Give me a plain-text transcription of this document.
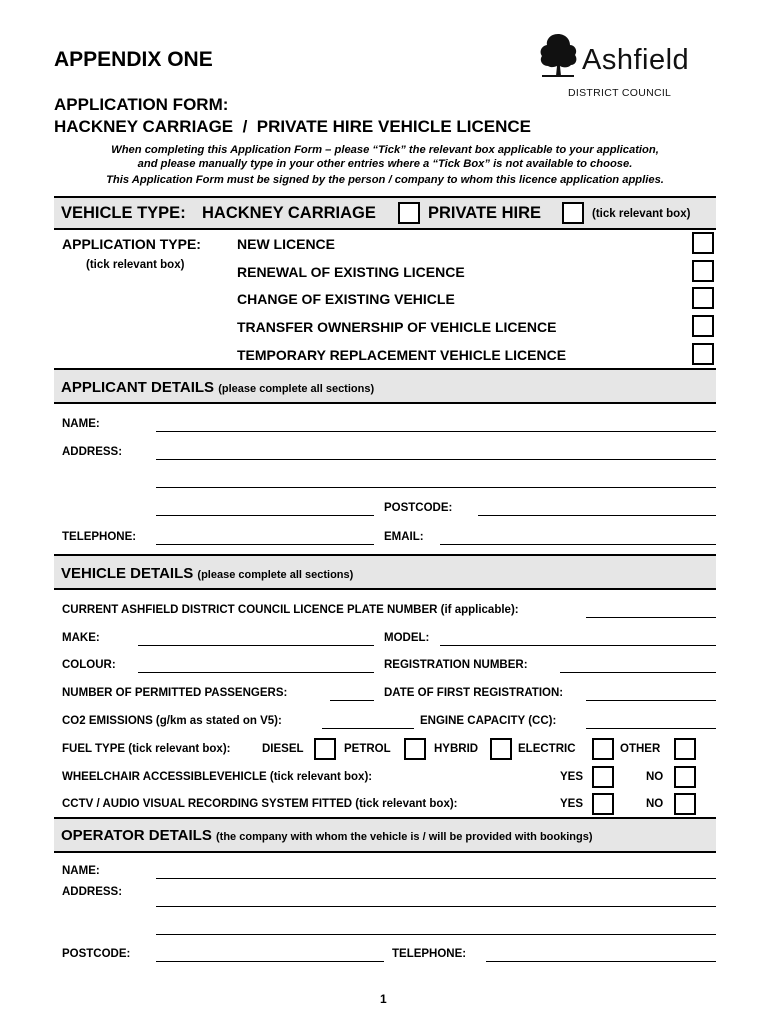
APPENDIX ONE
APPLICATION FORM:
HACKNEY CARRIAGE  /  PRIVATE HIRE VEHICLE LICENCE
Ashfield
DISTRICT COUNCIL
When completing this Application Form – please “Tick” the relevant box applicable to your application,
and please manually type in your other entries where a “Tick Box” is not available to choose.
This Application Form must be signed by the person / company to whom this licence application applies.
VEHICLE TYPE: HACKNEY CARRIAGE	PRIVATE HIRE	(tick relevant box)
APPLICATION TYPE:
(tick relevant box)
NEW LICENCE
RENEWAL OF EXISTING LICENCE
CHANGE OF EXISTING VEHICLE
TRANSFER OWNERSHIP OF VEHICLE LICENCE
TEMPORARY REPLACEMENT VEHICLE LICENCE
APPLICANT DETAILS (please complete all sections)
NAME:
ADDRESS:
POSTCODE:
TELEPHONE:	EMAIL:
VEHICLE DETAILS (please complete all sections)
CURRENT ASHFIELD DISTRICT COUNCIL LICENCE PLATE NUMBER (if applicable):
MAKE:	MODEL:
COLOUR:	REGISTRATION NUMBER:
NUMBER OF PERMITTED PASSENGERS:	DATE OF FIRST REGISTRATION:
CO2 EMISSIONS (g/km as stated on V5):	ENGINE CAPACITY (CC):
FUEL TYPE (tick relevant box):	DIESEL	PETROL	HYBRID	ELECTRIC	OTHER
WHEELCHAIR ACCESSIBLEVEHICLE (tick relevant box):	YES	NO
CCTV / AUDIO VISUAL RECORDING SYSTEM FITTED (tick relevant box):	YES	NO
OPERATOR DETAILS (the company with whom the vehicle is / will be provided with bookings)
NAME:
ADDRESS:
POSTCODE:	TELEPHONE:
1
